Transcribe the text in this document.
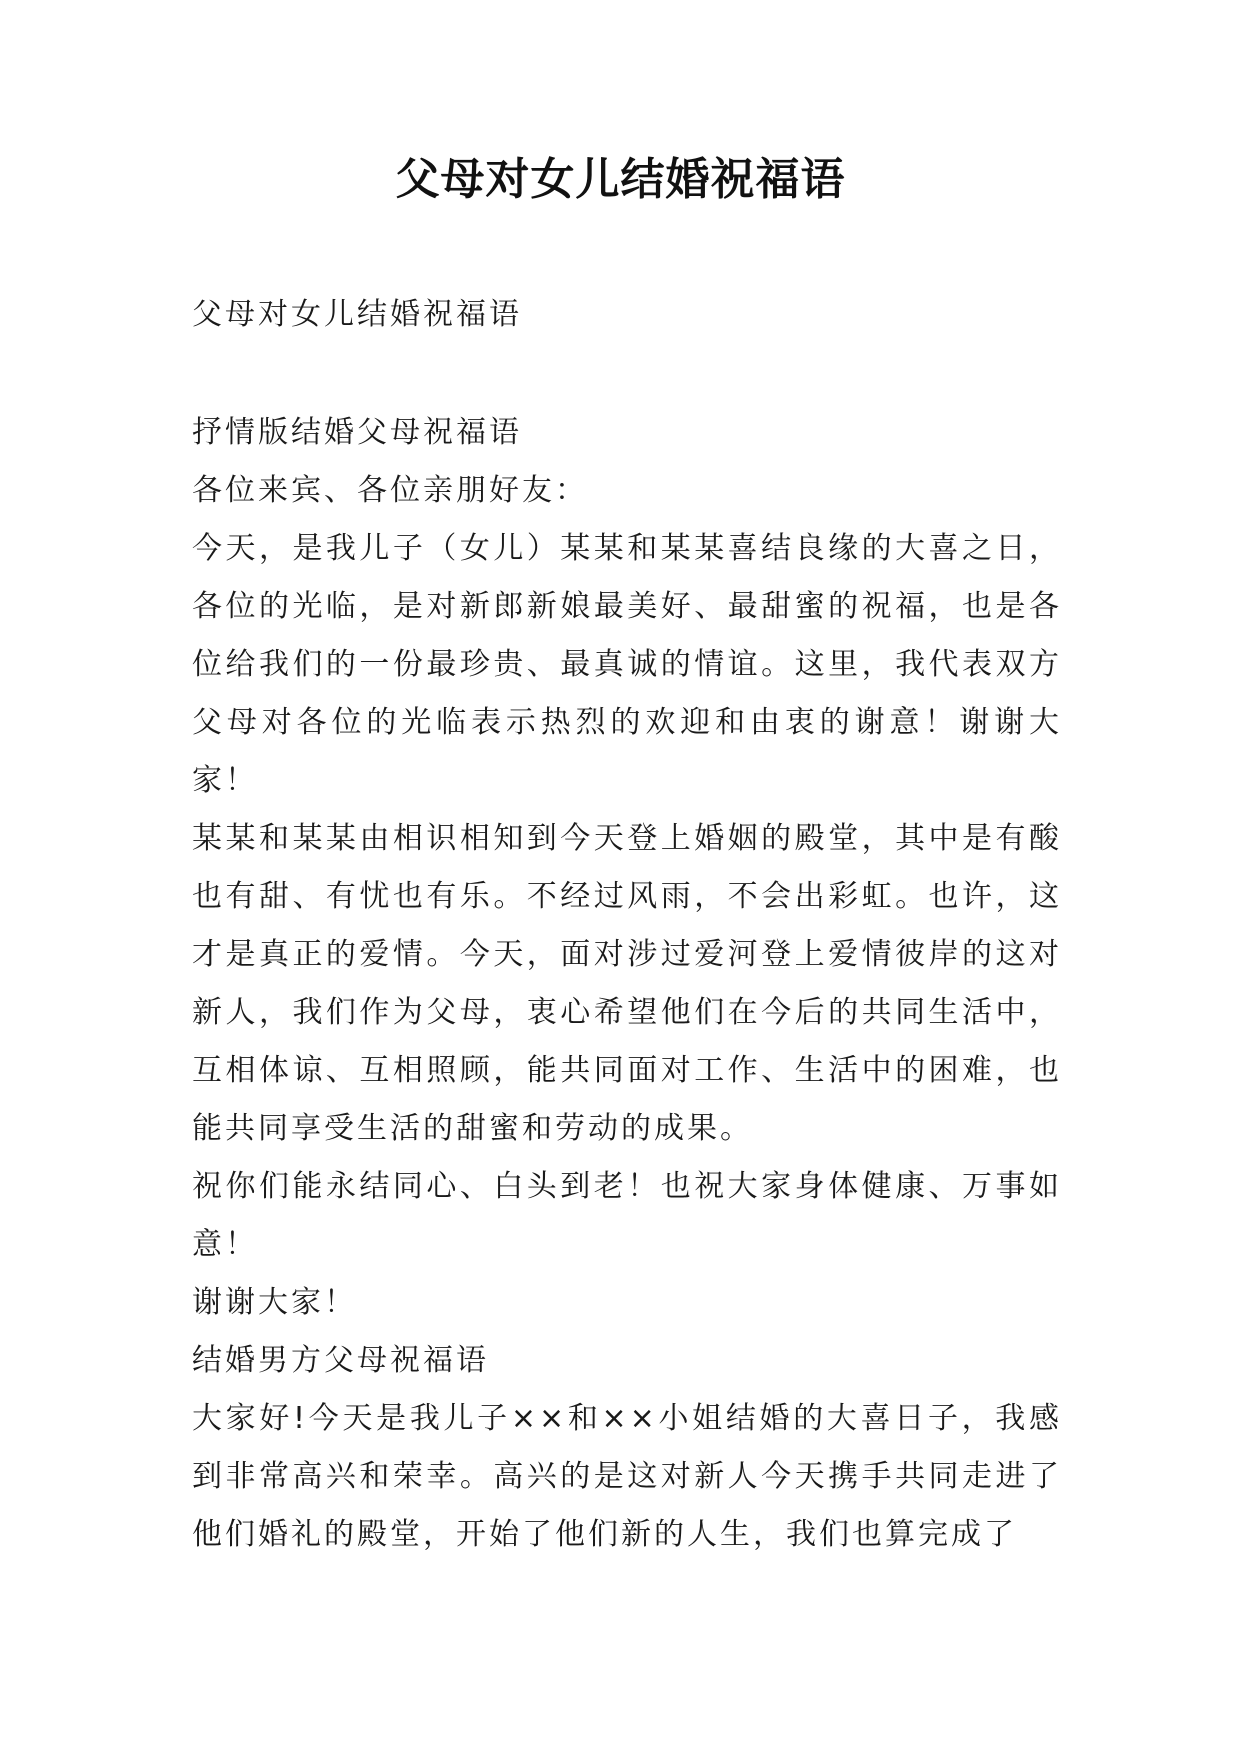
父母对女儿结婚祝福语
父母对女儿结婚祝福语

抒情版结婚父母祝福语

各位来宾、各位亲朋好友：

今天，是我儿子（女儿）某某和某某喜结良缘的大喜之日，各位的光临，是对新郎新娘最美好、最甜蜜的祝福，也是各位给我们的一份最珍贵、最真诚的情谊。这里，我代表双方父母对各位的光临表示热烈的欢迎和由衷的谢意！谢谢大家！

某某和某某由相识相知到今天登上婚姻的殿堂，其中是有酸也有甜、有忧也有乐。不经过风雨，不会出彩虹。也许，这才是真正的爱情。今天，面对涉过爱河登上爱情彼岸的这对新人，我们作为父母，衷心希望他们在今后的共同生活中，互相体谅、互相照顾，能共同面对工作、生活中的困难，也能共同享受生活的甜蜜和劳动的成果。

祝你们能永结同心、白头到老！也祝大家身体健康、万事如意！

谢谢大家！

结婚男方父母祝福语

大家好!今天是我儿子××和××小姐结婚的大喜日子，我感到非常高兴和荣幸。高兴的是这对新人今天携手共同走进了他们婚礼的殿堂，开始了他们新的人生，我们也算完成了
